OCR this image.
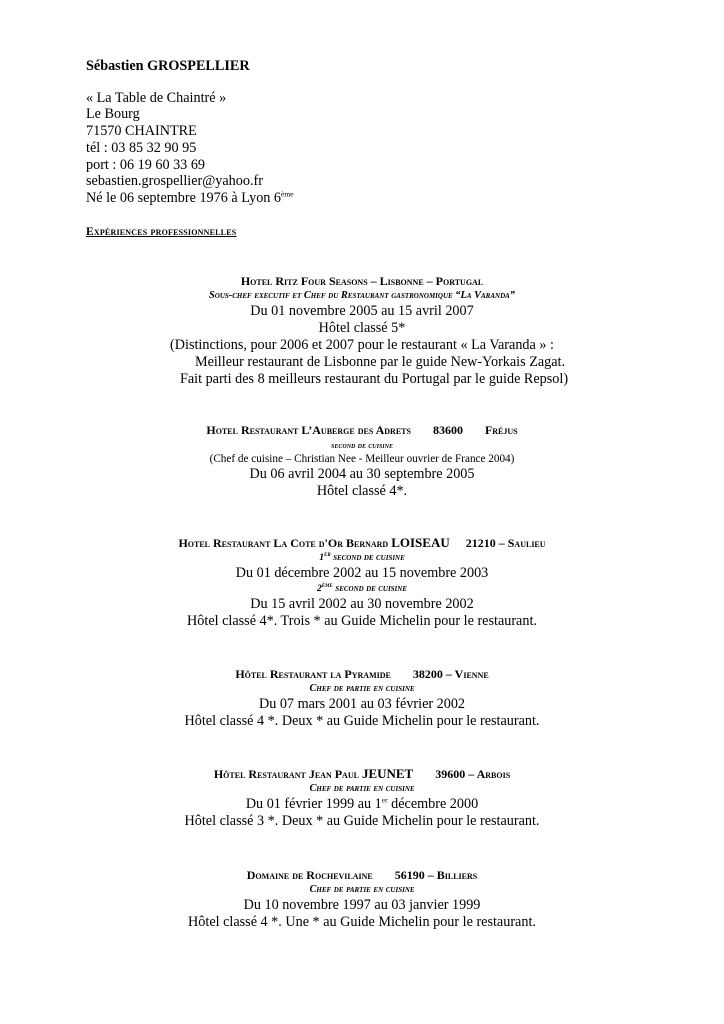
Sébastien GROSPELLIER
« La Table de Chaintré »
Le Bourg
71570 CHAINTRE
tél : 03 85 32 90 95
port : 06 19 60 33 69
sebastien.grospellier@yahoo.fr
Né le 06 septembre 1976 à Lyon 6ème
Expériences professionnelles
Hotel Ritz Four Seasons – Lisbonne – Portugal
Sous-chef executif et Chef du Restaurant gastronomique “La Varanda”
Du 01 novembre 2005 au 15 avril 2007
Hôtel classé 5*
(Distinctions, pour 2006 et 2007 pour le restaurant « La Varanda » :
Meilleur restaurant de Lisbonne par le guide New-Yorkais Zagat.
Fait parti des 8 meilleurs restaurant du Portugal par le guide Repsol)
Hotel Restaurant L’Auberge des Adrets 83600 Fréjus
second de cuisine
(Chef de cuisine – Christian Nee - Meilleur ouvrier de France 2004)
Du 06 avril 2004 au 30 septembre 2005
Hôtel classé 4*.
Hotel Restaurant La Cote d'Or Bernard LOISEAU 21210 – Saulieu
1er second de cuisine
Du 01 décembre 2002 au 15 novembre 2003
2ème second de cuisine
Du 15 avril 2002 au 30 novembre 2002
Hôtel classé 4*. Trois * au Guide Michelin pour le restaurant.
Hôtel Restaurant la Pyramide 38200 – Vienne
Chef de partie en cuisine
Du 07 mars 2001 au 03 février 2002
Hôtel classé 4 *. Deux * au Guide Michelin pour le restaurant.
Hôtel Restaurant Jean Paul JEUNET 39600 – Arbois
Chef de partie en cuisine
Du 01 février 1999 au 1er décembre 2000
Hôtel classé 3 *. Deux * au Guide Michelin pour le restaurant.
Domaine de Rochevilaine 56190 – Billiers
Chef de partie en cuisine
Du 10 novembre 1997 au 03 janvier 1999
Hôtel classé 4 *. Une * au Guide Michelin pour le restaurant.
